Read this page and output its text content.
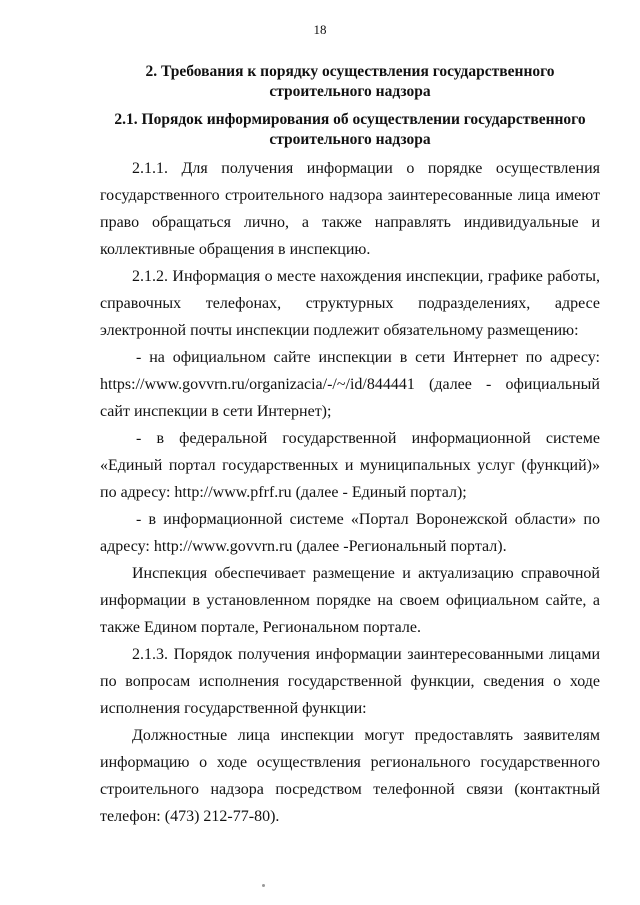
18
2. Требования к порядку осуществления государственного строительного надзора
2.1. Порядок информирования об осуществлении государственного строительного надзора

2.1.1. Для получения информации о порядке осуществления государственного строительного надзора заинтересованные лица имеют право обращаться лично, а также направлять индивидуальные и коллективные обращения в инспекцию.

2.1.2. Информация о месте нахождения инспекции, графике работы, справочных телефонах, структурных подразделениях, адресе электронной почты инспекции подлежит обязательному размещению:

- на официальном сайте инспекции в сети Интернет по адресу: https://www.govvrn.ru/organizacia/-/~/id/844441 (далее - официальный сайт инспекции в сети Интернет);

- в федеральной государственной информационной системе «Единый портал государственных и муниципальных услуг (функций)» по адресу: http://www.pfrf.ru (далее - Единый портал);

- в информационной системе «Портал Воронежской области» по адресу: http://www.govvrn.ru (далее -Региональный портал).

Инспекция обеспечивает размещение и актуализацию справочной информации в установленном порядке на своем официальном сайте, а также Едином портале, Региональном портале.

2.1.3. Порядок получения информации заинтересованными лицами по вопросам исполнения государственной функции, сведения о ходе исполнения государственной функции:

Должностные лица инспекции могут предоставлять заявителям информацию о ходе осуществления регионального государственного строительного надзора посредством телефонной связи (контактный телефон: (473) 212-77-80).
